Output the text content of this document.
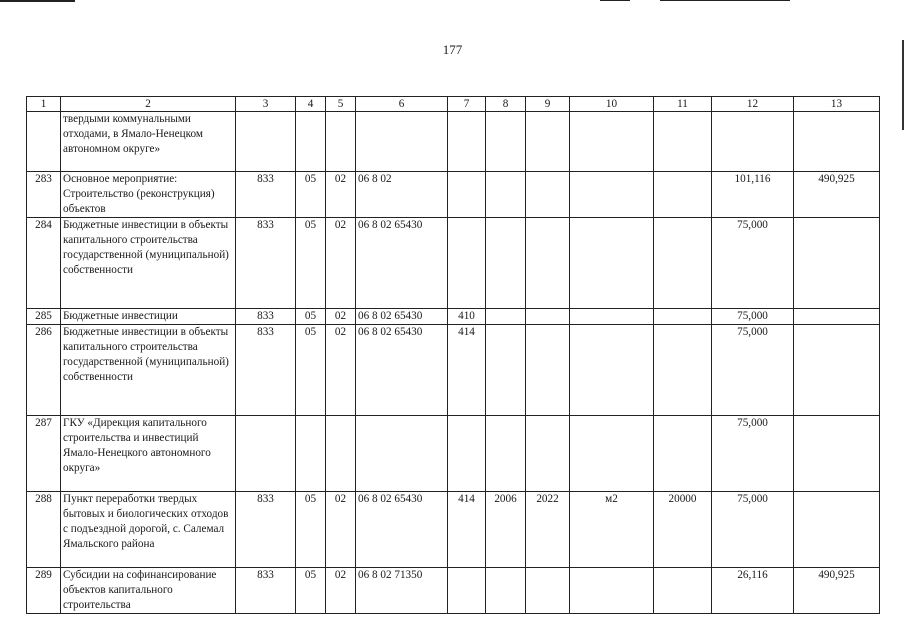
177
1	2	3	4	5	6	7	8	9	10	11	12	13
	твердыми коммунальными отходами, в Ямало-Ненецком автономном округе»											
283	Основное мероприятие: Строительство (реконструкция) объектов	833	05	02	06 8 02						101,116	490,925
284	Бюджетные инвестиции в объекты капитального строительства государственной (муниципальной) собственности	833	05	02	06 8 02 65430						75,000	
285	Бюджетные инвестиции	833	05	02	06 8 02 65430	410					75,000	
286	Бюджетные инвестиции в объекты капитального строительства государственной (муниципальной) собственности	833	05	02	06 8 02 65430	414					75,000	
287	ГКУ «Дирекция капитального строительства и инвестиций Ямало-Ненецкого автономного округа»										75,000	
288	Пункт переработки твердых бытовых и биологических отходов с подъездной дорогой, с. Салемал Ямальского района	833	05	02	06 8 02 65430	414	2006	2022	м2	20000	75,000	
289	Субсидии на софинансирование объектов капитального строительства	833	05	02	06 8 02 71350						26,116	490,925
